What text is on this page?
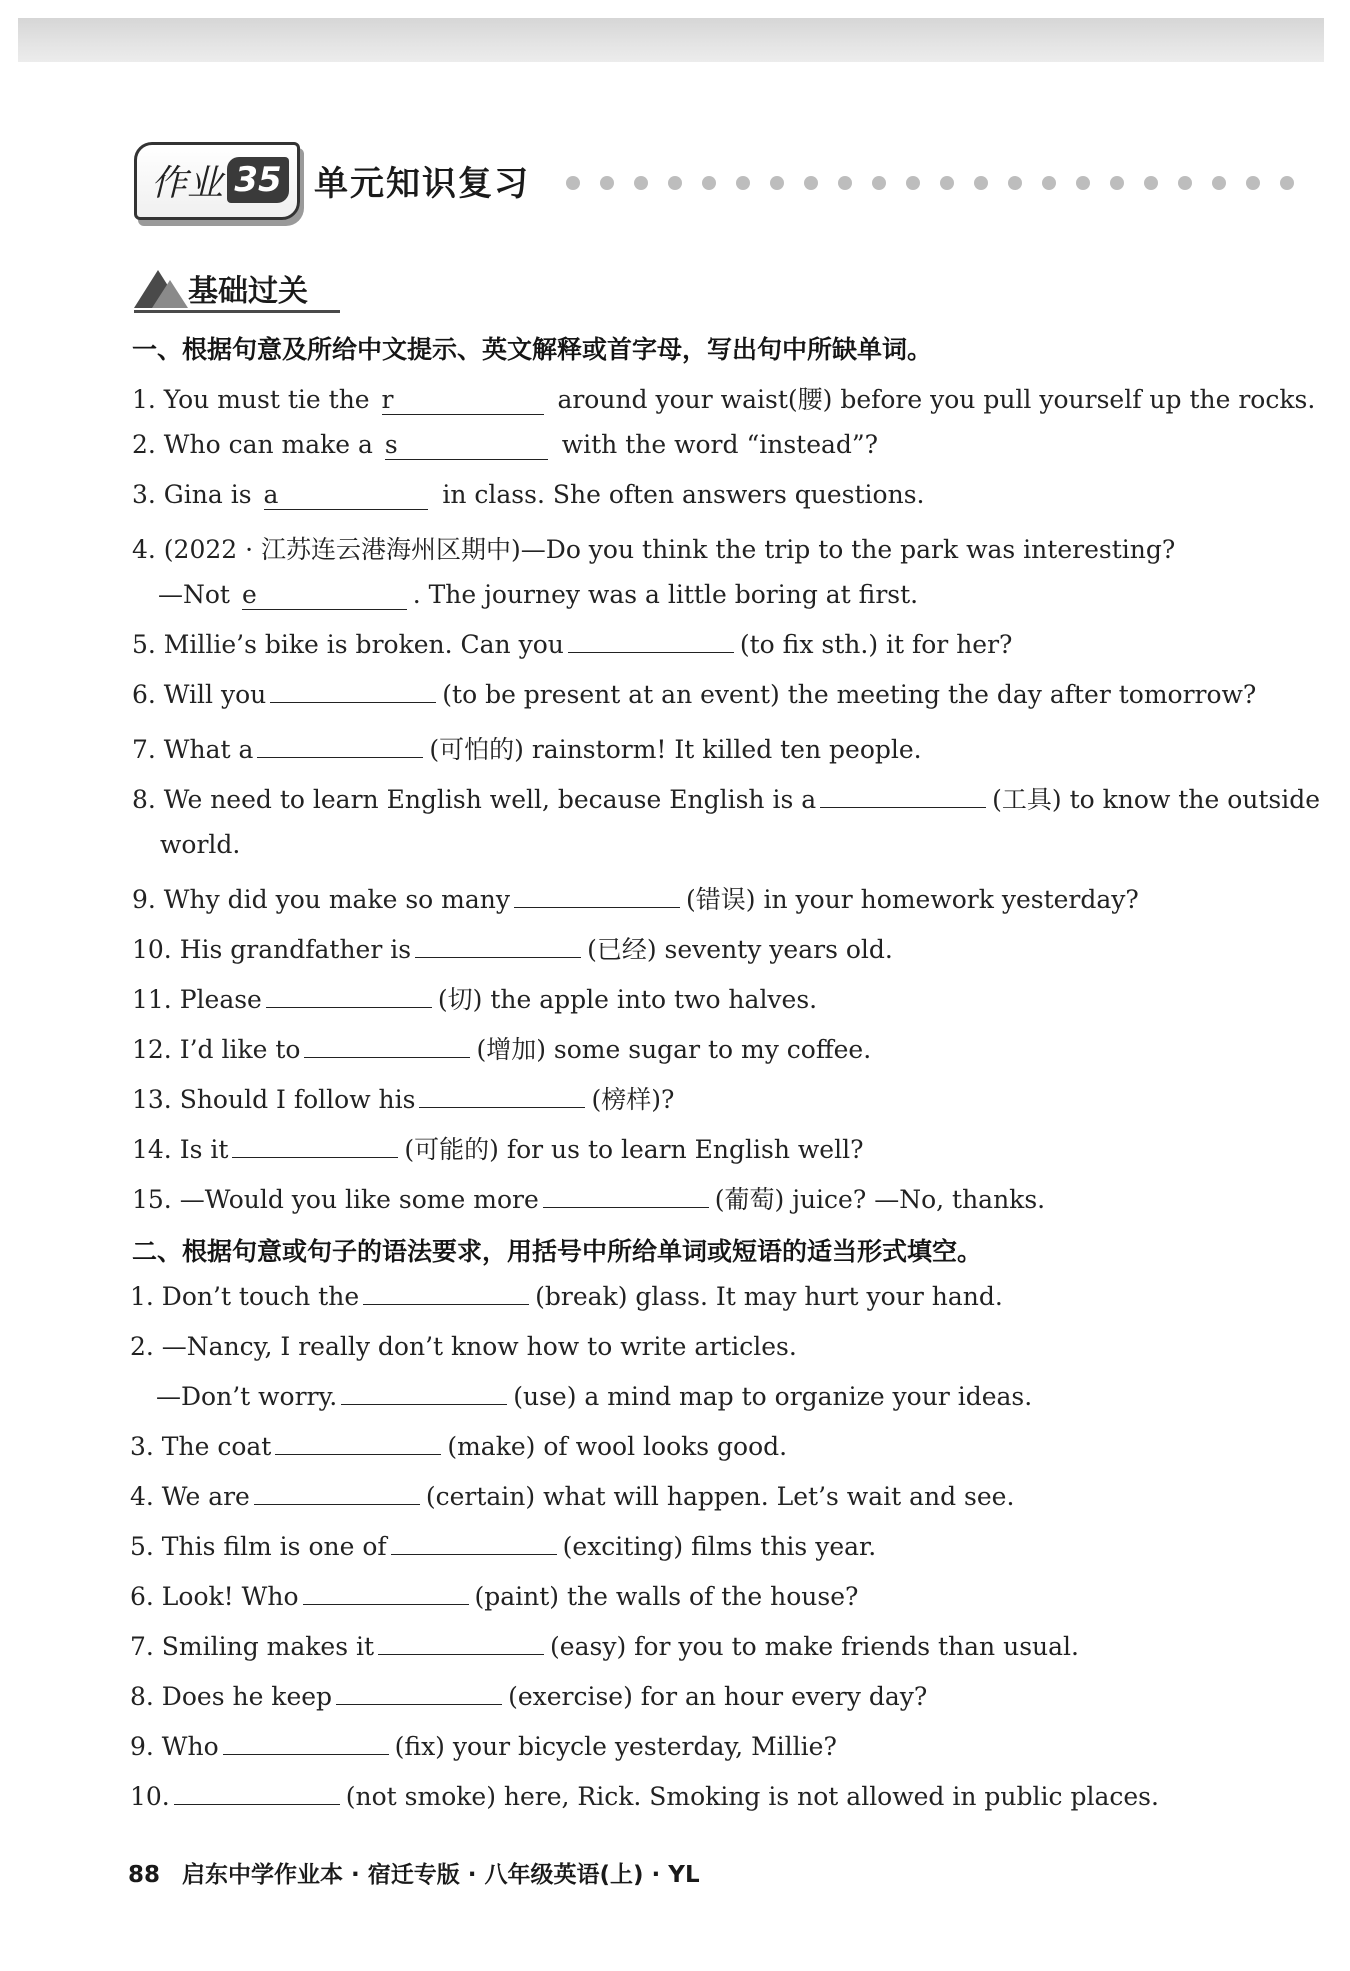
作业 35 单元知识复习
基础过关
一、根据句意及所给中文提示、英文解释或首字母，写出句中所缺单词。
1. You must tie the r	around your waist(腰) before you pull yourself up the rocks.
2. Who can make a s	with the word “instead”?
3. Gina is a	in class. She often answers questions.
4. (2022 · 江苏连云港海州区期中)—Do you think the trip to the park was interesting?
—Not e	. The journey was a little boring at first.
5. Millie’s bike is broken. Can you	(to fix sth.) it for her?
6. Will you	(to be present at an event) the meeting the day after tomorrow?
7. What a	(可怕的) rainstorm! It killed ten people.
8. We need to learn English well, because English is a	(工具) to know the outside
world.
9. Why did you make so many	(错误) in your homework yesterday?
10. His grandfather is	(已经) seventy years old.
11. Please	(切) the apple into two halves.
12. I’d like to	(增加) some sugar to my coffee.
13. Should I follow his	(榜样)?
14. Is it	(可能的) for us to learn English well?
15. —Would you like some more	(葡萄) juice? —No, thanks.
二、根据句意或句子的语法要求，用括号中所给单词或短语的适当形式填空。
1. Don’t touch the	(break) glass. It may hurt your hand.
2. —Nancy, I really don’t know how to write articles.
—Don’t worry.	(use) a mind map to organize your ideas.
3. The coat	(make) of wool looks good.
4. We are	(certain) what will happen. Let’s wait and see.
5. This film is one of	(exciting) films this year.
6. Look! Who	(paint) the walls of the house?
7. Smiling makes it	(easy) for you to make friends than usual.
8. Does he keep	(exercise) for an hour every day?
9. Who	(fix) your bicycle yesterday, Millie?
10.	(not smoke) here, Rick. Smoking is not allowed in public places.
88 启东中学作业本 · 宿迁专版 · 八年级英语(上) · YL
